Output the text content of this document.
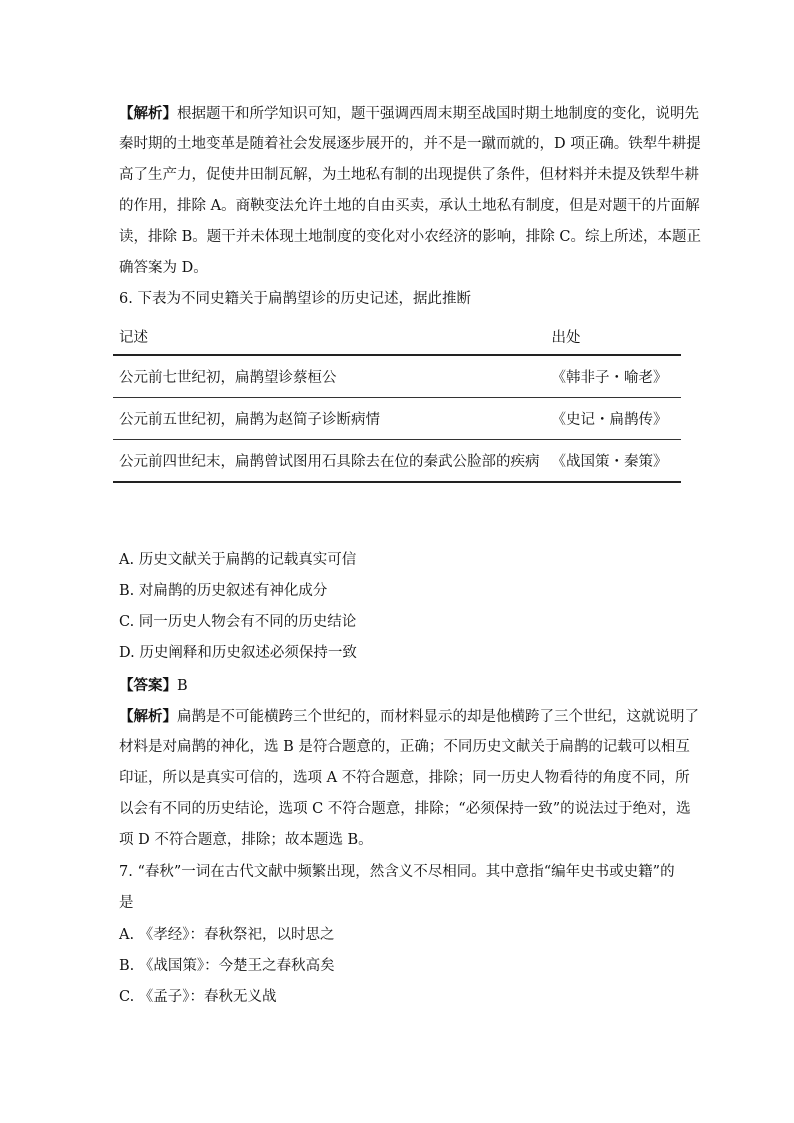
【解析】根据题干和所学知识可知，题干强调西周末期至战国时期土地制度的变化，说明先
秦时期的土地变革是随着社会发展逐步展开的，并不是一蹴而就的，D 项正确。铁犁牛耕提
高了生产力，促使井田制瓦解，为土地私有制的出现提供了条件，但材料并未提及铁犁牛耕
的作用，排除 A。商鞅变法允许土地的自由买卖，承认土地私有制度，但是对题干的片面解
读，排除 B。题干并未体现土地制度的变化对小农经济的影响，排除 C。综上所述，本题正
确答案为 D。
6. 下表为不同史籍关于扁鹊望诊的历史记述，据此推断
记述	出处
公元前七世纪初，扁鹊望诊蔡桓公	《韩非子・喻老》
公元前五世纪初，扁鹊为赵简子诊断病情	《史记・扁鹊传》
公元前四世纪末，扁鹊曾试图用石具除去在位的秦武公脸部的疾病	《战国策・秦策》
A. 历史文献关于扁鹊的记载真实可信
B. 对扁鹊的历史叙述有神化成分
C. 同一历史人物会有不同的历史结论
D. 历史阐释和历史叙述必须保持一致
【答案】B
【解析】扁鹊是不可能横跨三个世纪的，而材料显示的却是他横跨了三个世纪，这就说明了
材料是对扁鹊的神化，选 B 是符合题意的，正确；不同历史文献关于扁鹊的记载可以相互
印证，所以是真实可信的，选项 A 不符合题意，排除；同一历史人物看待的角度不同，所
以会有不同的历史结论，选项 C 不符合题意，排除；“必须保持一致”的说法过于绝对，选
项 D 不符合题意，排除；故本题选 B。
7. “春秋”一词在古代文献中频繁出现，然含义不尽相同。其中意指“编年史书或史籍”的
是
A. 《孝经》：春秋祭祀，以时思之
B. 《战国策》：今楚王之春秋高矣
C. 《孟子》：春秋无义战
